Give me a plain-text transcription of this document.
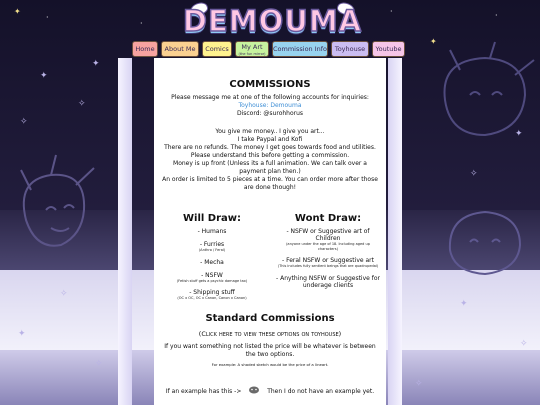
✦
✧
✧
✦
✧
✦
✧
✧
✦
✦
✧
✧
✦
·
·
✦
·
·
DEMOUMA
Home	About Me	Comics	My Art
(the fun mirror)
Commission Info	Toyhouse	Youtube
COMMISSIONS
Please message me at one of the following accounts for inquiries:
Toyhouse: Demouma
Discord: @surohhorus
You give me money.. I give you art...
I take Paypal and Kofi
There are no refunds. The money I get goes towards food and utilities. Please understand this before getting a commission.
Money is up front (Unless its a full animation. We can talk over a payment plan then.)
An order is limited to 5 pieces at a time. You can order more after those are done though!
Will Draw:
- Humans
- Furries
(Anthro / Feral)
- Mecha
- NSFW
(Fetish stuff gets a psychic damage tax)
- Shipping stuff
(OC x OC, OC x Canon, Canon x Canon)
Wont Draw:
- NSFW or Suggestive art of Children
(anyone under the age of 18. Including aged up characters)
- Feral NSFW or Suggestive art
(This includes fully sentient beings that are quadrupedal)
- Anything NSFW or Suggestive for underage clients
Standard Commissions
(Click here to view these options on toyhouse)
If you want something not listed the price will be whatever is between the two options.
For example: A shaded sketch would be the price of a lineart.
If an example has this ->	Then I do not have an example yet.
